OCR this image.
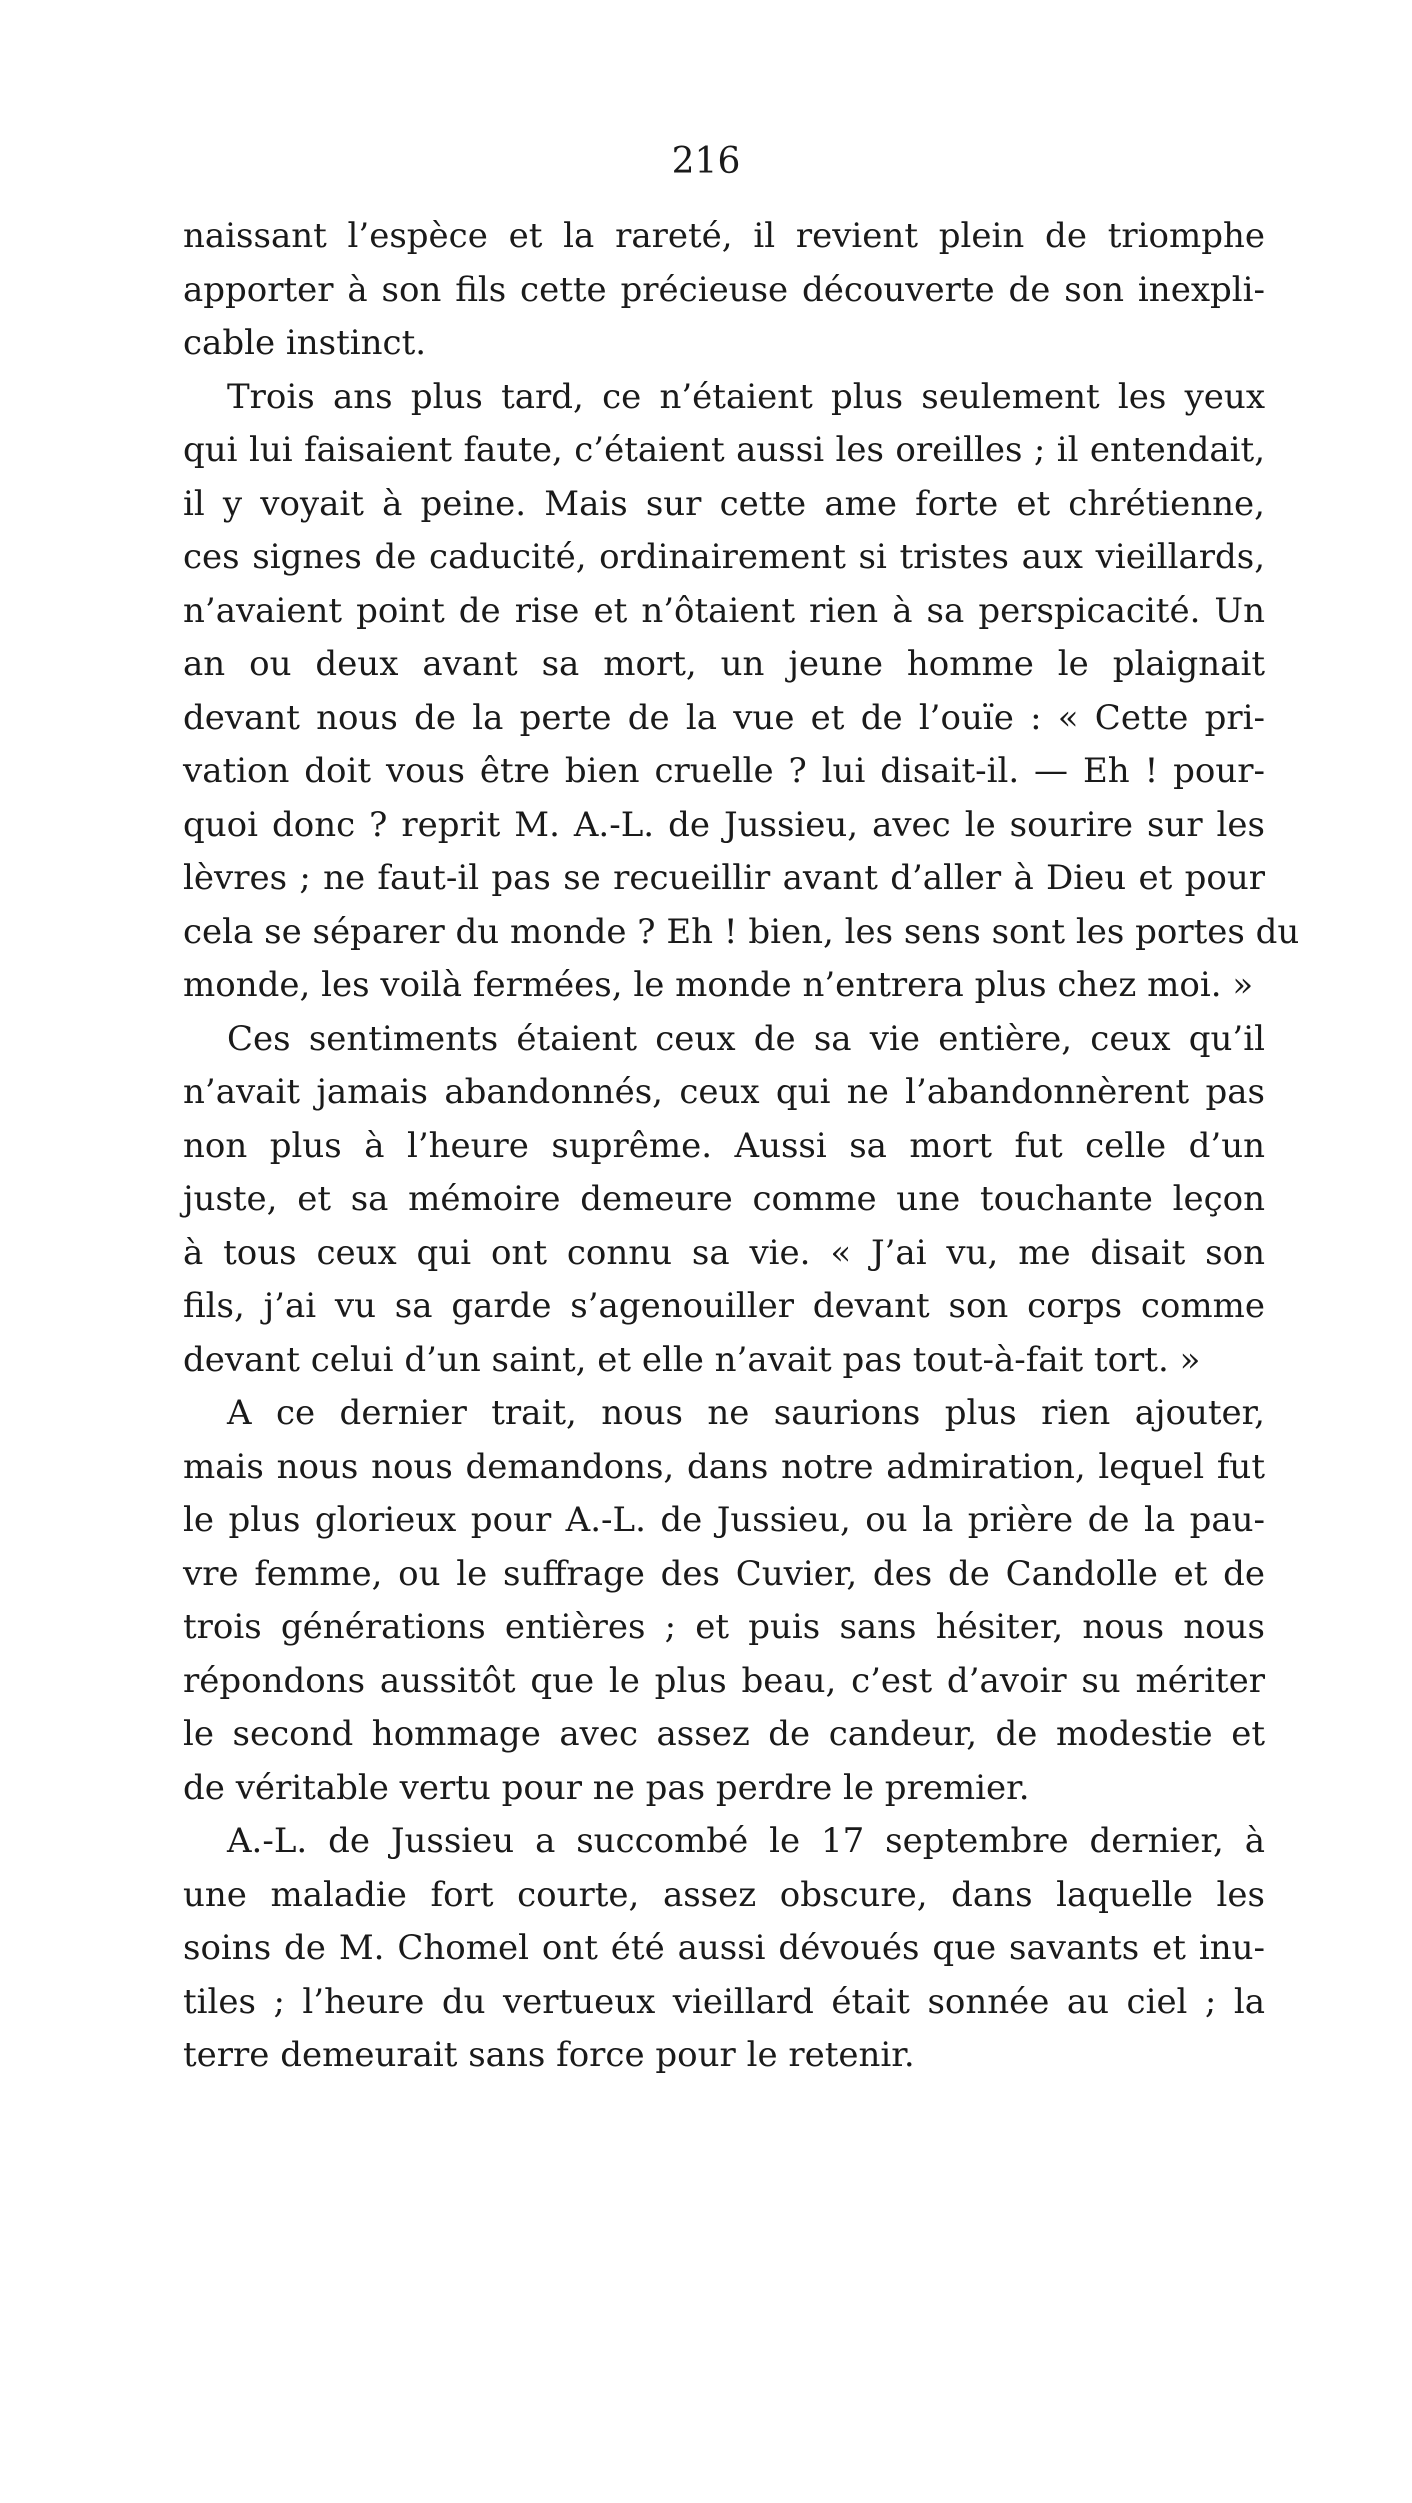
216
naissant l’espèce et la rareté, il revient plein de triomphe
apporter à son fils cette précieuse découverte de son inexpli-
cable instinct.
Trois ans plus tard, ce n’étaient plus seulement les yeux
qui lui faisaient faute, c’étaient aussi les oreilles ; il entendait,
il y voyait à peine. Mais sur cette ame forte et chrétienne,
ces signes de caducité, ordinairement si tristes aux vieillards,
n’avaient point de rise et n’ôtaient rien à sa perspicacité. Un
an ou deux avant sa mort, un jeune homme le plaignait
devant nous de la perte de la vue et de l’ouïe : « Cette pri-
vation doit vous être bien cruelle ? lui disait-il. — Eh ! pour-
quoi donc ? reprit M. A.-L. de Jussieu, avec le sourire sur les
lèvres ; ne faut-il pas se recueillir avant d’aller à Dieu et pour
cela se séparer du monde ? Eh ! bien, les sens sont les portes du
monde, les voilà fermées, le monde n’entrera plus chez moi. »
Ces sentiments étaient ceux de sa vie entière, ceux qu’il
n’avait jamais abandonnés, ceux qui ne l’abandonnèrent pas
non plus à l’heure suprême. Aussi sa mort fut celle d’un
juste, et sa mémoire demeure comme une touchante leçon
à tous ceux qui ont connu sa vie. « J’ai vu, me disait son
fils, j’ai vu sa garde s’agenouiller devant son corps comme
devant celui d’un saint, et elle n’avait pas tout-à-fait tort. »
A ce dernier trait, nous ne saurions plus rien ajouter,
mais nous nous demandons, dans notre admiration, lequel fut
le plus glorieux pour A.-L. de Jussieu, ou la prière de la pau-
vre femme, ou le suffrage des Cuvier, des de Candolle et de
trois générations entières ; et puis sans hésiter, nous nous
répondons aussitôt que le plus beau, c’est d’avoir su mériter
le second hommage avec assez de candeur, de modestie et
de véritable vertu pour ne pas perdre le premier.
A.-L. de Jussieu a succombé le 17 septembre dernier, à
une maladie fort courte, assez obscure, dans laquelle les
soins de M. Chomel ont été aussi dévoués que savants et inu-
tiles ; l’heure du vertueux vieillard était sonnée au ciel ; la
terre demeurait sans force pour le retenir.
